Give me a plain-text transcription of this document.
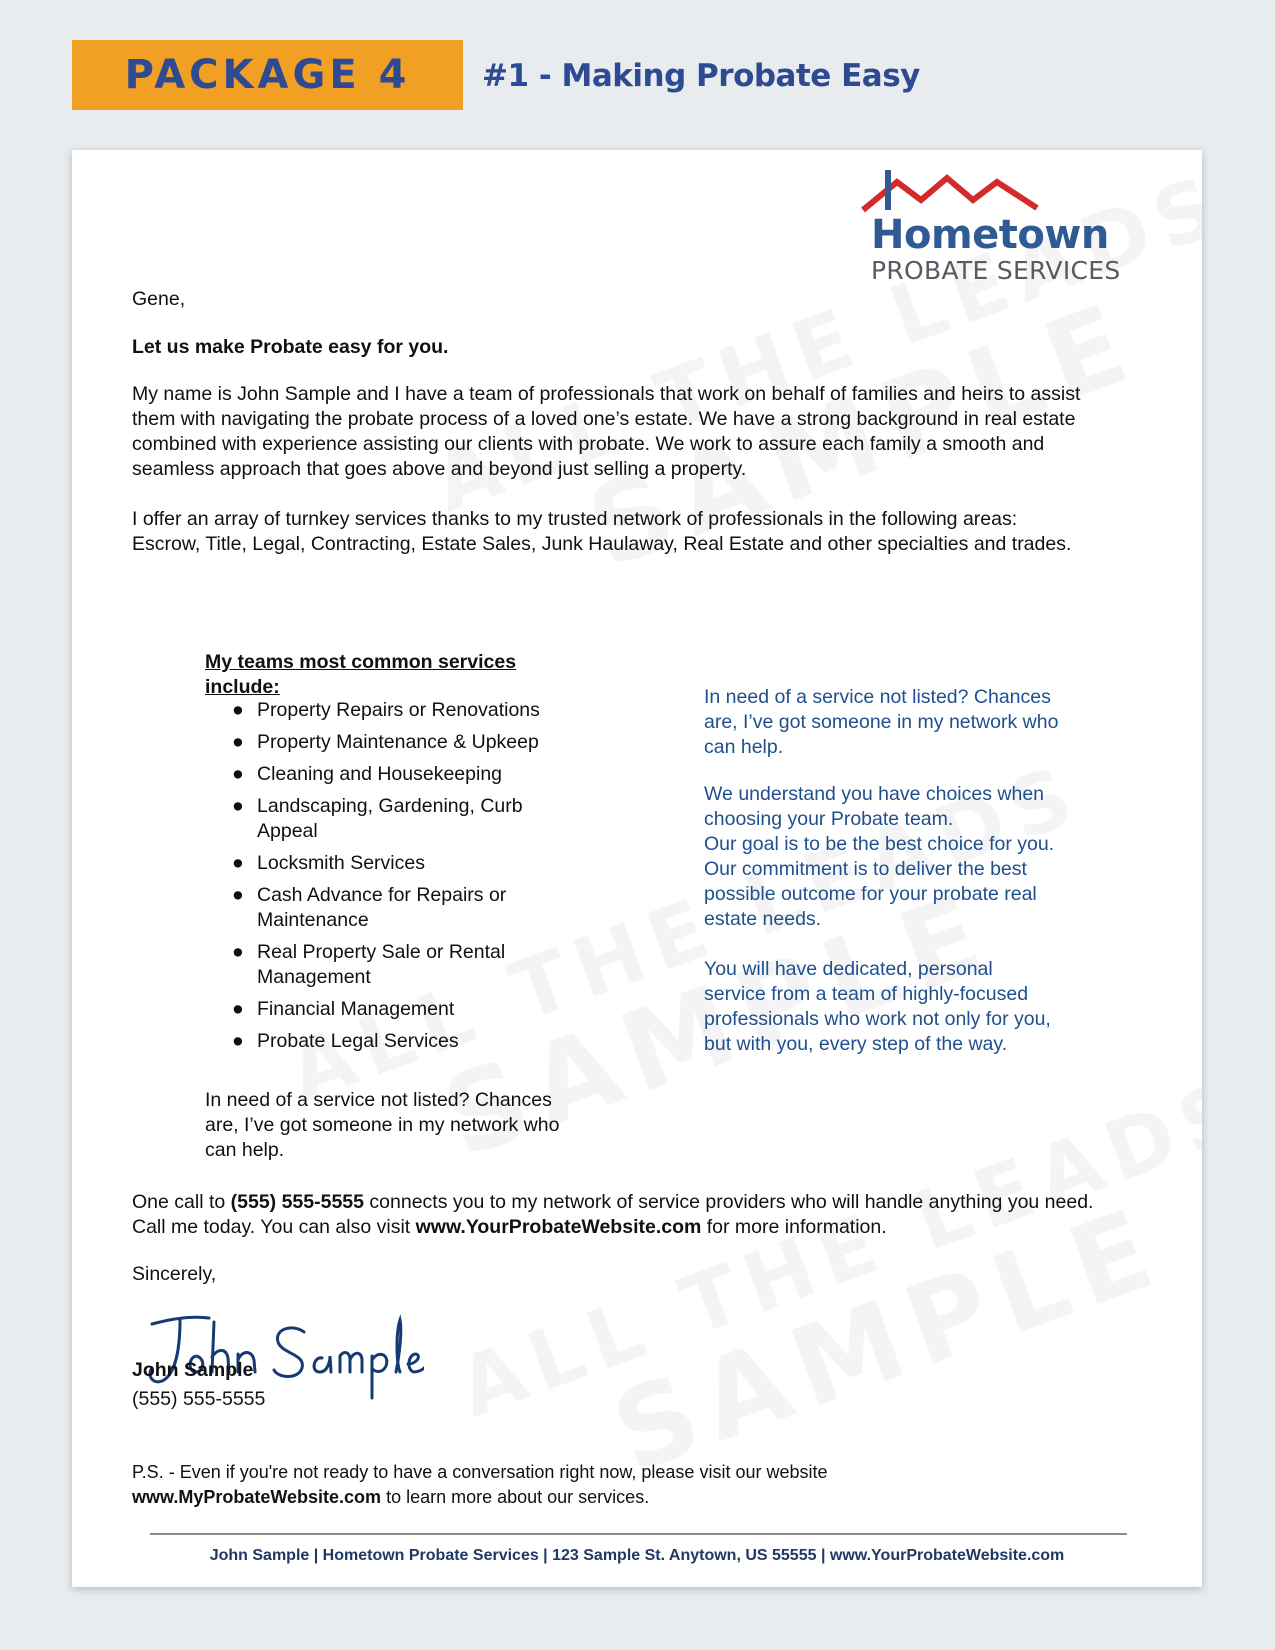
PACKAGE 4 #1 - Making Probate Easy
Hometown
PROBATE SERVICES
Gene,
Let us make Probate easy for you.
My name is John Sample and I have a team of professionals that work on behalf of families and heirs to assist them with navigating the probate process of a loved one’s estate. We have a strong background in real estate combined with experience assisting our clients with probate. We work to assure each family a smooth and seamless approach that goes above and beyond just selling a property.
I offer an array of turnkey services thanks to my trusted network of professionals in the following areas: Escrow, Title, Legal, Contracting, Estate Sales, Junk Haulaway, Real Estate and other specialties and trades.
My teams most common services include:
● Property Repairs or Renovations
● Property Maintenance & Upkeep
● Cleaning and Housekeeping
● Landscaping, Gardening, Curb Appeal
● Locksmith Services
● Cash Advance for Repairs or Maintenance
● Real Property Sale or Rental Management
● Financial Management
● Probate Legal Services
In need of a service not listed? Chances are, I’ve got someone in my network who can help.
In need of a service not listed? Chances are, I’ve got someone in my network who can help.
We understand you have choices when choosing your Probate team.
Our goal is to be the best choice for you. Our commitment is to deliver the best possible outcome for your probate real estate needs.
You will have dedicated, personal service from a team of highly-focused professionals who work not only for you, but with you, every step of the way.
One call to (555) 555-5555 connects you to my network of service providers who will handle anything you need. Call me today. You can also visit www.YourProbateWebsite.com for more information.
Sincerely,
John Sample
(555) 555-5555
P.S. - Even if you're not ready to have a conversation right now, please visit our website
www.MyProbateWebsite.com to learn more about our services.
John Sample | Hometown Probate Services | 123 Sample St. Anytown, US 55555 | www.YourProbateWebsite.com
